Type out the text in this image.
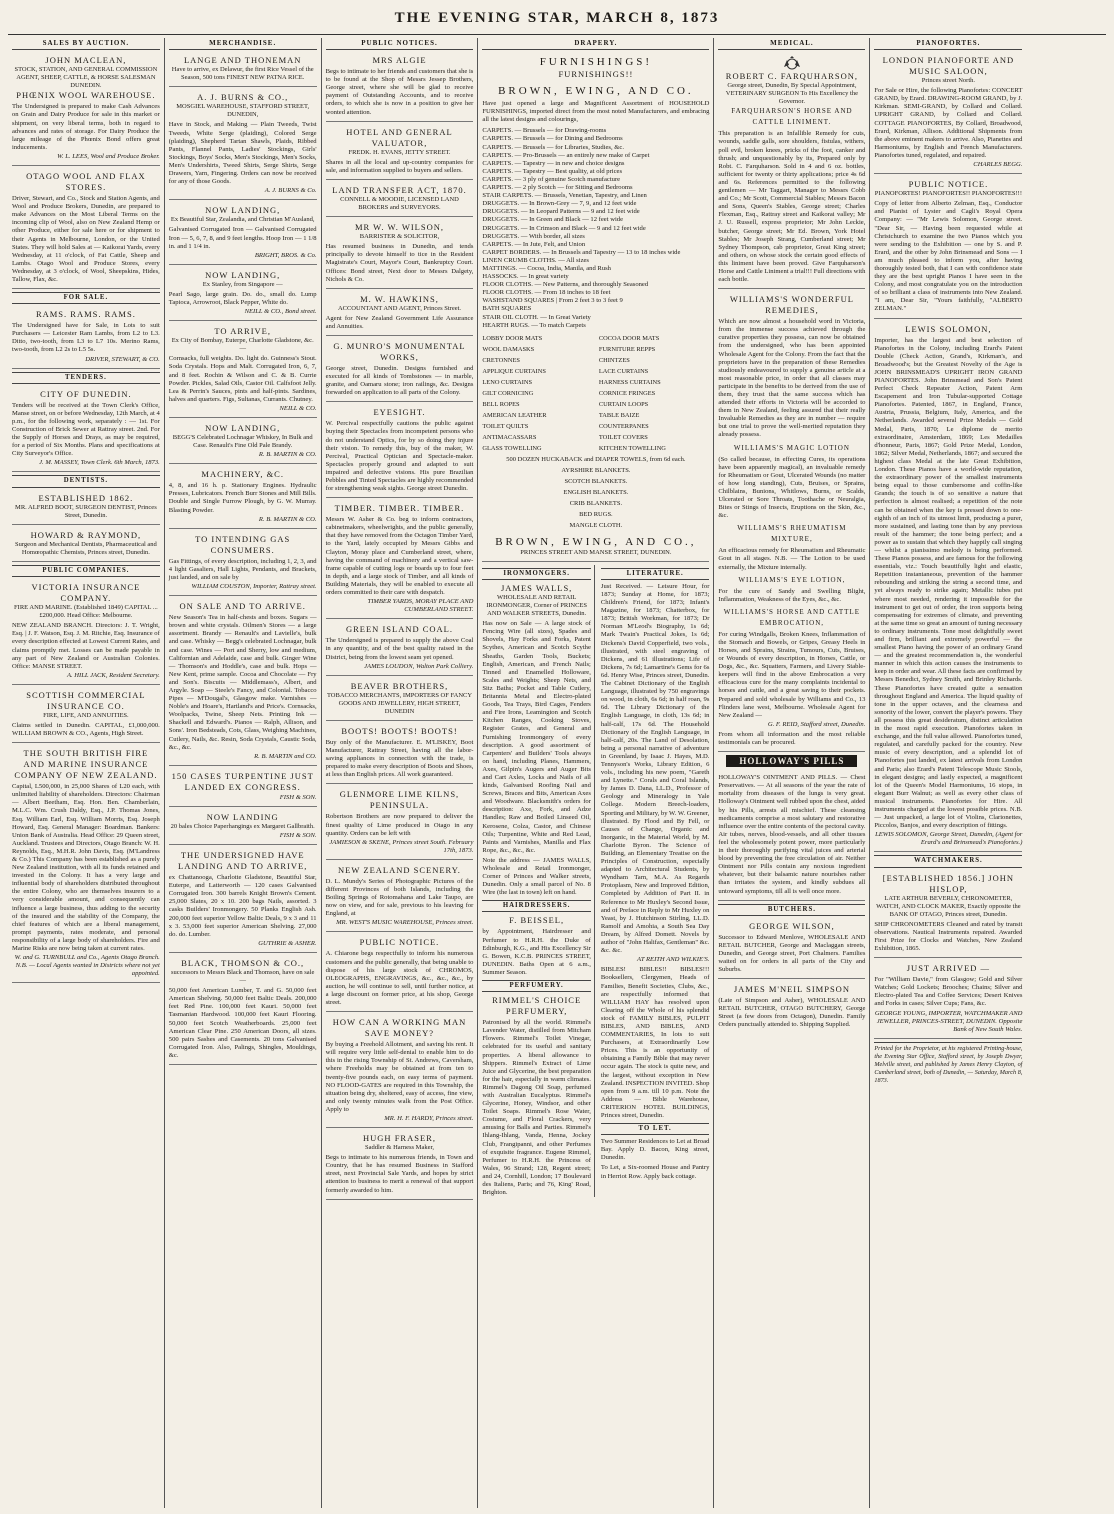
THE EVENING STAR, MARCH 8, 1873
SALES BY AUCTION.
JOHN MACLEAN,
STOCK, STATION, AND GENERAL COMMISSION AGENT, SHEEP, CATTLE, & HORSE SALESMAN
DUNEDIN.
PHŒNIX WOOL WAREHOUSE.
The Undersigned is prepared to make Cash Advances on Grain and Dairy Produce for sale in this market or shipment, on very liberal terms, both in regard to advances and rates of storage. For Dairy Produce the large mileage of the Phœnix Bond offers great inducements.
W. L. LEES, Wool and Produce Broker.
OTAGO WOOL AND FLAX STORES.
Driver, Stewart, and Co., Stock and Station Agents, and Wool and Produce Brokers, Dunedin, are prepared to make Advances on the Most Liberal Terms on the incoming clip of Wool, also on New Zealand Hemp or other Produce, either for sale here or for shipment to their Agents in Melbourne, London, or the United States. They will hold Sales at — Kaikorai Yards, every Wednesday, at 11 o'clock, of Fat Cattle, Sheep and Lambs. Otago Wool and Produce Stores, every Wednesday, at 3 o'clock, of Wool, Sheepskins, Hides, Tallow, Flax, &c.
FOR SALE.
RAMS. RAMS. RAMS.
The Undersigned have for Sale, in Lots to suit Purchasers — Leicester Ram Lambs, from L2 to L3. Ditto, two-tooth, from L3 to L7 10s. Merino Rams, two-tooth, from L2 2s to L5 5s.
DRIVER, STEWART, & CO.
TENDERS.
CITY OF DUNEDIN.
Tenders will be received at the Town Clerk's Office, Manse street, on or before Wednesday, 12th March, at 4 p.m., for the following work, separately : — 1st. For Construction of Brick Sewer at Rattray street. 2nd. For the Supply of Horses and Drays, as may be required, for a period of Six Months. Plans and specifications at City Surveyor's Office.
J. M. MASSEY, Town Clerk. 6th March, 1873.
DENTISTS.
ESTABLISHED 1862.
MR. ALFRED BOOT, SURGEON DENTIST, Princes Street, Dunedin.
HOWARD & RAYMOND,
Surgeon and Mechanical Dentists, Pharmaceutical and Homœopathic Chemists, Princes street, Dunedin.
PUBLIC COMPANIES.
VICTORIA INSURANCE COMPANY.
FIRE AND MARINE. (Established 1849) CAPITAL ... £200,000. Head Office: Melbourne.
NEW ZEALAND BRANCH. Directors: J. T. Wright, Esq. | J. F. Watson, Esq. J. M. Ritchie, Esq. Insurance of every description effected at Lowest Current Rates, and claims promptly met. Losses can be made payable in any part of New Zealand or Australian Colonies. Office: MANSE STREET.
A. HILL JACK, Resident Secretary.
SCOTTISH COMMERCIAL INSURANCE CO.
FIRE, LIFE, AND ANNUITIES.
Claims settled in Dunedin. CAPITAL, £1,000,000. WILLIAM BROWN & CO., Agents, High Street.
THE SOUTH BRITISH FIRE AND MARINE INSURANCE COMPANY OF NEW ZEALAND.
Capital, L500,000, in 25,000 Shares of L20 each, with unlimited liability of shareholders. Directors: Chairman — Albert Beetham, Esq. Hon. Ben. Chamberlain, M.L.C. Wm. Crush Daldy, Esq., J.P. Thomas Jones, Esq. William Earl, Esq. William Morris, Esq. Joseph Howard, Esq. General Manager: Boardman. Bankers: Union Bank of Australia. Head Office: 29 Queen street, Auckland. Trustees and Directors, Otago Branch: W. H. Reynolds, Esq., M.H.R. John Davis, Esq. (M'Landress & Co.) This Company has been established as a purely New Zealand institution, with all its funds retained and invested in the Colony. It has a very large and influential body of shareholders distributed throughout the entire Colony, who are themselves insurers to a very considerable amount, and consequently can influence a large business, thus adding to the security of the insured and the stability of the Company, the chief features of which are a liberal management, prompt payments, rates moderate, and personal responsibility of a large body of shareholders. Fire and Marine Risks are now being taken at current rates.
W. and G. TURNBULL and Co., Agents Otago Branch. N.B. — Local Agents wanted in Districts where not yet appointed.
MERCHANDISE.
LANGE AND THONEMAN
Have to arrive, ex Delawur, the first Rice Vessel of the Season, 500 tons FINEST NEW PATNA RICE.
A. J. BURNS & CO.,
MOSGIEL WAREHOUSE, STAFFORD STREET, DUNEDIN,
Have in Stock, and Making — Plain Tweeds, Twist Tweeds, White Serge (plaiding), Colored Serge (plaiding), Shepherd Tartan Shawls, Plaids, Ribbed Pants, Flannel Pants, Ladies' Stockings, Girls' Stockings, Boys' Socks, Men's Stockings, Men's Socks, Men's Undershirts, Tweed Shirts, Serge Shirts, Serge Drawers, Yarn, Fingering. Orders can now be received for any of those Goods.
A. J. BURNS & Co.
NOW LANDING,
Ex Beautiful Star, Zealandia, and Christian M'Ausland,
Galvanised Corrugated Iron — Galvanised Corrugated Iron — 5, 6, 7, 8, and 9 feet lengths. Hoop Iron — 1 1/8 in. and 1 1/4 in.
BRIGHT, BROS. & Co.
NOW LANDING,
Ex Stanley, from Singapore —
Pearl Sago, large grain. Do. do., small do. Lump Tapioca, Arrowroot, Black Pepper, White do.
NEILL & CO., Bond street.
TO ARRIVE,
Ex City of Bombay, Euterpe, Charlotte Gladstone, &c. —
Cornsacks, full weights. Do. light do. Guinness's Stout. Soda Crystals. Hops and Malt. Corrugated Iron, 6, 7, and 8 feet. Rochin & Wilson and C. & B. Currie Powder. Pickles, Salad Oils, Castor Oil. Calfsfoot Jelly. Lea & Perrin's Sauces, pints and half-pints. Sardines, halves and quarters. Figs, Sultanas, Currants. Chutney.
NEILL & CO.
NOW LANDING,
BEGG'S Celebrated Lochnagar Whiskey, In Bulk and Case. Renault's Fine Old Pale Brandy.
R. B. MARTIN & CO.
MACHINERY, &C.
4, 8, and 16 h. p. Stationary Engines. Hydraulic Presses, Lubricators. French Burr Stones and Mill Bills. Double and Single Furrow Plough, by G. W. Murray. Blasting Powder.
R. B. MARTIN & CO.
TO INTENDING GAS CONSUMERS.
Gas Fittings, of every description, including 1, 2, 3, and 4 light Gasaliers, Hall Lights, Pendants, and Brackets, just landed, and on sale by
WILLIAM COUSTON, Importer, Rattray street.
ON SALE AND TO ARRIVE.
New Season's Tea in half-chests and boxes. Sugars — brown and white crystals. Oilmen's Stores — a large assortment. Brandy — Renault's and Lavielle's, bulk and case. Whisky — Begg's celebrated Lochnagar, bulk and case. Wines — Port and Sherry, low and medium, Californian and Adelaide, case and bulk. Ginger Wine — Thomson's and Hoddle's, case and bulk. Hops — New Kent, prime sample. Cocoa and Chocolate — Fry and Son's. Biscuits — Middlemass's, Albert, and Argyle. Soap — Steele's Fancy, and Colonial. Tobacco Pipes — M'Dougal's, Glasgow make. Varnishes — Noble's and Hoare's, Hartland's and Price's. Cornsacks, Woolpacks, Twine, Sheep Nets. Printing Ink — Shackell and Edward's. Pianos — Ralph, Allison, and Sons'. Iron Bedsteads, Cots, Glass, Weighing Machines, Cutlery, Nails, &c. Resin, Soda Crystals, Caustic Soda, &c., &c.
R. B. MARTIN and CO.
150 CASES TURPENTINE JUST LANDED EX CONGRESS.
FISH & SON.
NOW LANDING
20 bales Choice Paperhangings ex Margaret Gallbraith.
FISH & SON.
THE UNDERSIGNED HAVE LANDING AND TO ARRIVE,
ex Chattanooga, Charlotte Gladstone, Beautiful Star, Euterpe, and Latterworth — 120 cases Galvanised Corrugated Iron. 300 barrels Knight Brown's Cement. 25,000 Slates, 20 x 10. 200 bags Nails, assorted. 3 casks Builders' Ironmongery. 50 Planks English Ash. 200,000 feet superior Yellow Baltic Deals, 9 x 3 and 11 x 3. 53,000 feet superior American Shelving. 27,000 do. do. Lumber.
GUTHRIE & ASHER.
BLACK, THOMSON & CO.,
successors to Messrs Black and Thomson, have on sale —
50,000 feet American Lumber, T. and G. 50,000 feet American Shelving. 50,000 feet Baltic Deals. 200,000 feet Red Pine. 100,000 feet Kauri. 50,000 feet Tasmanian Hardwood. 100,000 feet Kauri Flooring. 50,000 feet Scotch Weatherboards. 25,000 feet American Clear Pine. 250 American Doors, all sizes. 500 pairs Sashes and Casements. 20 tons Galvanised Corrugated Iron. Also, Palings, Shingles, Mouldings, &c.
PUBLIC NOTICES.
MRS ALGIE
Begs to intimate to her friends and customers that she is to be found at the Shop of Messrs Jessep Brothers, George street, where she will be glad to receive payment of Outstanding Accounts, and to receive orders, to which she is now in a position to give her wonted attention.
HOTEL AND GENERAL VALUATOR,
FREDK. H. EVANS, JETTY STREET.
Shares in all the local and up-country companies for sale, and information supplied to buyers and sellers.
LAND TRANSFER ACT, 1870.
CONNELL & MOODIE, LICENSED LAND BROKERS and SURVEYORS.
MR W. W. WILSON,
BARRISTER & SOLICITOR,
Has resumed business in Dunedin, and tends principally to devote himself to tice in the Resident Magistrate's Court, Mayor's Court, Bankruptcy Court. Offices: Bond street, Next door to Messrs Dalgety, Nichols & Co.
M. W. HAWKINS,
ACCOUNTANT AND AGENT, Princes Street.
Agent for New Zealand Government Life Assurance and Annuities.
G. MUNRO'S MONUMENTAL WORKS,
George street, Dunedin. Designs furnished and executed for all kinds of Tombstones — in marble, granite, and Oamaru stone; iron railings, &c. Designs forwarded on application to all parts of the Colony.
EYESIGHT.
W. Percival respectfully cautions the public against buying their Spectacles from incompetent persons who do not understand Optics, for by so doing they injure their vision. To remedy this, buy of the maker, W. Percival, Practical Optician and Spectacle-maker. Spectacles properly ground and adapted to suit impaired and defective visions. His pure Brazilian Pebbles and Tinted Spectacles are highly recommended for strengthening weak sights. George street Dunedin.
TIMBER. TIMBER. TIMBER.
Messrs W. Asher & Co. beg to inform contractors, cabinetmakers, wheelwrights, and the public generally, that they have removed from the Octagon Timber Yard, to the Yard, lately occupied by Messrs Gibbs and Clayton, Moray place and Cumberland street, where, having the command of machinery and a vertical saw-frame capable of cutting logs or boards up to four feet in depth, and a large stock of Timber, and all kinds of Building Materials, they will be enabled to execute all orders committed to their care with despatch.
TIMBER YARDS, MORAY PLACE AND CUMBERLAND STREET.
GREEN ISLAND COAL.
The Undersigned is prepared to supply the above Coal in any quantity, and of the best quality raised in the District, being from the lowest seam yet opened.
JAMES LOUDON, Walton Park Colliery.
BEAVER BROTHERS,
TOBACCO MERCHANTS, IMPORTERS OF FANCY GOODS AND JEWELLERY, HIGH STREET, DUNEDIN
BOOTS! BOOTS! BOOTS!
Buy only of the Manufacturer. E. M'LISKEY, Boot Manufacturer, Rattray Street, having all the labor-saving appliances in connection with the trade, is prepared to make every description of Boots and Shoes, at less than English prices. All work guaranteed.
GLENMORE LIME KILNS, PENINSULA.
Robertson Brothers are now prepared to deliver the finest quality of Lime produced in Otago in any quantity. Orders can be left with
JAMIESON & SKENE, Princes street South. February 17th, 1873.
NEW ZEALAND SCENERY.
D. L. Mundy's Series of Photographic Pictures of the different Provinces of both Islands, including the Boiling Springs of Rotomahana and Lake Taupo, are now on view, and for sale, previous to his leaving for England, at
MR. WEST'S MUSIC WAREHOUSE, Princes street.
PUBLIC NOTICE.
A. Chiarone begs respectfully to inform his numerous customers and the public generally, that being unable to dispose of his large stock of CHROMOS, OLEOGRAPHS, ENGRAVINGS, &c., &c., &c., by auction, he will continue to sell, until further notice, at a large discount on former price, at his shop, George street.
HOW CAN A WORKING MAN SAVE MONEY?
By buying a Freehold Allotment, and saving his rent. It will require very little self-denial to enable him to do this in the rising Township of St. Andrews, Caversham, where Freeholds may be obtained at from ten to twenty-five pounds each, on easy terms of payment. NO FLOOD-GATES are required in this Township, the situation being dry, sheltered, easy of access, fine view, and only twenty minutes walk from the Post Office. Apply to
MR. H. F. HARDY, Princes street.
HUGH FRASER,
Saddler & Harness Maker,
Begs to intimate to his numerous friends, in Town and Country, that he has resumed Business in Stafford street, next Provincial Sale Yards, and hopes by strict attention to business to merit a renewal of that support formerly awarded to him.
DRAPERY.
FURNISHINGS!
FURNISHINGS!!
BROWN, EWING, AND CO.
Have just opened a large and Magnificent Assortment of HOUSEHOLD FURNISHINGS, imported direct from the most noted Manufacturers, and embracing all the latest designs and colourings,
CARPETS. — Brussels — for Drawing-rooms
CARPETS. — Brussels — for Dining and Bedrooms
CARPETS. — Brussels — for Libraries, Studies, &c.
CARPETS. — Pro-Brussels — an entirely new make of Carpet
CARPETS. — Tapestry — in new and choice designs
CARPETS. — Tapestry — Best quality, at old prices
CARPETS. — 3 ply of genuine Scotch manufacture
CARPETS. — 2 ply Scotch — for Sitting and Bedrooms
STAIR CARPETS. — Brussels, Venetian, Tapestry, and Linen
DRUGGETS. — In Brown-Grey — 7, 9, and 12 feet wide
DRUGGETS. — In Leopard Patterns — 9 and 12 feet wide
DRUGGETS. — In Green and Black — 12 feet wide
DRUGGETS. — In Crimson and Black — 9 and 12 feet wide
DRUGGETS. — With border, all sizes
CARPETS. — In Jute, Felt, and Union
CARPET BORDERS. — In Brussels and Tapestry — 13 to 18 inches wide
LINEN CRUMB CLOTHS. — All sizes
MATTINGS. — Cocoa, India, Manila, and Rush
HASSOCKS. — In great variety
FLOOR CLOTHS. — New Patterns, and thoroughly Seasoned
FLOOR CLOTHS. — From 18 inches to 18 feet
WASHSTAND SQUARES | From 2 feet 3 to 3 feet 9
BATH SQUARES
STAIR OIL CLOTH. — In Great Variety
HEARTH RUGS. — To match Carpets
LOBBY DOOR MATS
WOOL DAMASKS
CRETONNES
APPLIQUE CURTAINS
LENO CURTAINS
GILT CORNICING
BELL ROPES
AMERICAN LEATHER
TOILET QUILTS
ANTIMACASSARS
GLASS TOWELLING
COCOA DOOR MATS
FURNITURE REPPS
CHINTZES
LACE CURTAINS
HARNESS CURTAINS
CORNICE FRINGES
CURTAIN LOOPS
TABLE BAIZE
COUNTERPANES
TOILET COVERS
KITCHEN TOWELLING
500 DOZEN HUCKABACK and DIAPER TOWELS, from 6d each.
AYRSHIRE BLANKETS.
SCOTCH BLANKETS.
ENGLISH BLANKETS.
CRIB BLANKETS.
BED RUGS.
MANGLE CLOTH.
BROWN, EWING, AND CO.,
PRINCES STREET AND MANSE STREET, DUNEDIN.
IRONMONGERS.
JAMES WALLS,
WHOLESALE AND RETAIL IRONMONGER, Corner of PRINCES AND WALKER STREETS, Dunedin.
Has now on Sale — A large stock of Fencing Wire (all sizes), Spades and Shovels, Hay Forks and Forks, Patent Scythes, American and Scotch Scythe Sheaths, Garden Tools, Buckets; English, American, and French Nails; Tinned and Enamelled Holloware, Scales and Weights; Sheep Nets, and Sitz Baths; Pocket and Table Cutlery, Britannia Metal and Electro-plated Goods, Tea Trays, Bird Cages, Fenders and Fire Irons, Leamington and Scotch Kitchen Ranges, Cooking Stoves, Register Grates, and General and Furnishing Ironmongery of every description. A good assortment of Carpenters' and Builders' Tools always on hand, including Planes, Hammers, Axes, Gilpin's Augers and Auger Bits and Cart Axles, Locks and Nails of all kinds, Galvanised Roofing Nail and Screws, Braces and Bits, American Axes and Woodware. Blacksmith's orders for description: Axe, Fork, and Adze Handles; Raw and Boiled Linseed Oil, Kerosene, Colza, Castor, and Chinese Oils; Turpentine, White and Red Lead, Paints and Varnishes, Manilla and Flax Rope, &c., &c., &c.
Note the address — JAMES WALLS, Wholesale and Retail Ironmonger, Corner of Princes and Walker streets, Dunedin. Only a small parcel of No. 8 Wire (the last in town) left on hand.
HAIRDRESSERS.
F. BEISSEL,
by Appointment, Hairdresser and Perfumer to H.R.H. the Duke of Edinburgh, K.G., and His Excellency Sir G. Bowen, K.C.B. PRINCES STREET, DUNEDIN. Baths Open at 6 a.m., Summer Season.
PERFUMERY.
RIMMEL'S CHOICE PERFUMERY,
Patronised by all the world. Rimmel's Lavender Water, distilled from Mitcham Flowers. Rimmel's Toilet Vinegar, celebrated for its useful and sanitary properties. A liberal allowance to Shippers. Rimmel's Extract of Lime Juice and Glycerine, the best preparation for the hair, especially in warm climates. Rimmel's Dagong Oil Soap, perfumed with Australian Eucalyptus. Rimmel's Glycerine, Honey, Windsor, and other Toilet Soaps. Rimmel's Rose Water, Costume, and Floral Crackers, very amusing for Balls and Parties. Rimmel's Ihlang-Ihlang, Vanda, Henna, Jockey Club, Frangipanni, and other Perfumes of exquisite fragrance. Eugene Rimmel, Perfumer to H.R.H. the Princess of Wales, 96 Strand; 128, Regent street; and 24, Cornhill, London; 17 Boulevard des Italiens, Paris; and 76, King' Road, Brighton.
LITERATURE.
Just Received. — Leisure Hour, for 1873; Sunday at Home, for 1873; Children's Friend, for 1873; Infant's Magazine, for 1873; Chatterbox, for 1873; British Workman, for 1873; Dr Norman M'Leod's Biography, 1s 6d; Mark Twain's Practical Jokes, 1s 6d; Dickens's David Copperfield, two vols., illustrated, with steel engraving of Dickens, and 61 illustrations; Life of Dickens, 7s 6d; Lamartine's Gems for 6s 6d. Henry Wise, Princes street, Dunedin. The Cabinet Dictionary of the English Language, illustrated by 750 engravings on wood, in cloth, 6s 6d; in half roan, 9s 6d. The Library Dictionary of the English Language, in cloth, 13s 6d; in half-calf, 17s 6d. The Household Dictionary of the English Language, in half-calf, 20s. The Land of Desolation, being a personal narrative of adventure in Greenland, by Isaac J. Hayes, M.D. Tennyson's Works, Library Edition, 6 vols., including his new poem, "Gareth and Lynette." Corals and Coral Islands, by James D. Dana, LL.D., Professor of Geology and Mineralogy in Yale College. Modern Breech-loaders, Sporting and Military, by W. W. Greener, illustrated. By Flood and By Fell, or Causes of Change, Organic and Inorganic, in the Material World, by M. Charlotte Byron. The Science of Building, an Elementary Treatise on the Principles of Construction, especially adapted to Architectural Students, by Wyndham Tarn, M.A. As Regards Protoplasm, New and Improved Edition, Completed by Addition of Part II. in Reference to Mr Huxley's Second Issue, and of Preface in Reply to Mr Huxley on Yeast, by J. Hutchinson Stirling, LL.D. Ramolf and Amohia, a South Sea Day Dream, by Alfred Domett. Novels by author of "John Halifax, Gentleman" &c. &c. &c.
AT REITH AND WILKIE'S.
BIBLES! BIBLES!! BIBLES!!! Booksellers, Clergymen, Heads of Families, Benefit Societies, Clubs, &c., are respectfully informed that WILLIAM HAY has resolved upon Clearing off the Whole of his splendid stock of FAMILY BIBLES, PULPIT BIBLES, AND BIBLES, AND COMMENTARIES, In lots to suit Purchasers, at Extraordinarily Low Prices. This is an opportunity of obtaining a Family Bible that may never occur again. The stock is quite new, and the largest, without exception in New Zealand. INSPECTION INVITED. Shop open from 9 a.m. till 10 p.m. Note the Address — Bible Warehouse, CRITERION HOTEL BUILDINGS, Princes street, Dunedin.
TO LET.
Two Summer Residences to Let at Broad Bay. Apply D. Bacon, King street, Dunedin.
To Let, a Six-roomed House and Pantry in Herriot Row. Apply back cottage.
MEDICAL.
ROBERT C. FARQUHARSON,
George street, Dunedin, By Special Appointment, VETERINARY SURGEON To His Excellency the Governor.
FARQUHARSON'S HORSE AND CATTLE LINIMENT.
This preparation is an Infallible Remedy for cuts, wounds, saddle galls, sore shoulders, fistulas, withers, poll evil, broken knees, pricks of the foot, canker and thrush; and unquestionably by its, Prepared only by Robt. C. Farquharson. Sold in 4 and 6 oz. bottles, sufficient for twenty or thirty applications; price 4s 6d and 6s. References permitted to the following gentlemen — Mr Taggart, Manager to Messrs Cobb and Co.; Mr Scott, Commercial Stables; Messrs Bacon and Sons, Queen's Stables, George street; Charles Flexman, Esq., Rattray street and Kaikorai valley; Mr J. U. Russell, express proprietor; Mr John Leckie, butcher, George street; Mr Ed. Brown, York Hotel Stables; Mr Joseph Strang, Cumberland street; Mr Sydney Thompson, cab proprietor, Great King street; and others, on whose stock the certain good effects of this liniment have been proved. Give Farquharson's Horse and Cattle Liniment a trial!!! Full directions with each bottle.
WILLIAMS'S WONDERFUL REMEDIES,
Which are now almost a household word in Victoria, from the immense success achieved through the curative properties they possess, can now be obtained from the undersigned, who has been appointed Wholesale Agent for the Colony. From the fact that the proprietors have in the preparation of these Remedies studiously endeavoured to supply a genuine article at a most reasonable price, in order that all classes may participate in the benefits to be derived from the use of them, they trust that the same success which has attended their efforts in Victoria will be accorded to them in New Zealand, feeling assured that their really Invaluable Remedies as they are in number — require but one trial to prove the well-merited reputation they already possess.
WILLIAMS'S MAGIC LOTION
(So called because, in effecting Cures, its operations have been apparently magical), an invaluable remedy for Rheumatism or Gout, Ulcerated Wounds (no matter of how long standing), Cuts, Bruises, or Sprains, Chilblains, Bunions, Whitlows, Burns, or Scalds, Ulcerated or Sore Throats, Toothache or Neuralgia, Bites or Stings of Insects, Eruptions on the Skin, &c., &c.
WILLIAMS'S RHEUMATISM MIXTURE,
An efficacious remedy for Rheumatism and Rheumatic Gout in all stages. N.B. — The Lotion to be used externally, the Mixture internally.
WILLIAMS'S EYE LOTION,
For the cure of Sandy and Swelling Blight, Inflammation, Weakness of the Eyes, &c., &c.
WILLIAMS'S HORSE AND CATTLE EMBROCATION,
For curing Windgalls, Broken Knees, Inflammation of the Stomach and Bowels, or Gripes, Greasy Heels in Horses, and Sprains, Strains, Tumours, Cuts, Bruises, or Wounds of every description, in Horses, Cattle, or Dogs, &c., &c. Squatters, Farmers, and Livery Stable-keepers will find in the above Embrocation a very efficacious cure for the many complaints incidental to horses and cattle, and a great saving to their pockets. Prepared and sold wholesale by Williams and Co., 13 Flinders lane west, Melbourne. Wholesale Agent for New Zealand —
G. F. REID, Stafford street, Dunedin.
From whom all information and the most reliable testimonials can be procured.
HOLLOWAY'S PILLS
HOLLOWAY'S OINTMENT AND PILLS. — Chest Preservatives. — At all seasons of the year the rate of mortality from diseases of the lungs is very great. Holloway's Ointment well rubbed upon the chest, aided by his Pills, arrests all mischief. These cleansing medicaments comprise a most salutary and restorative influence over the entire contents of the pectoral cavity. Air tubes, nerves, blood-vessels, and all other tissues feel the wholesomely potent power, more particularly in their thoroughly purifying vital juices and arterial blood by preventing the free circulation of air. Neither Ointment nor Pills contain any noxious ingredient whatever, but their balsamic nature nourishes rather than irritates the system, and kindly subdues all untoward symptoms, till all is well once more.
BUTCHERS.
GEORGE WILSON,
Successor to Edward Menlove, WHOLESALE AND RETAIL BUTCHER, George and Maclaggan streets, Dunedin, and George street, Port Chalmers. Families waited on for orders in all parts of the City and Suburbs.
JAMES M'NEIL SIMPSON
(Late of Simpson and Asher), WHOLESALE AND RETAIL BUTCHER, OTAGO BUTCHERY, George Street (a few doors from Octagon), Dunedin. Family Orders punctually attended to. Shipping Supplied.
PIANOFORTES.
LONDON PIANOFORTE AND MUSIC SALOON,
Princes street North.
For Sale or Hire, the following Pianofortes: CONCERT GRAND, by Erard. DRAWING-ROOM GRAND, by J. Kirkman. SEMI-GRAND, by Collard and Collard. UPRIGHT GRAND, by Collard and Collard. COTTAGE PIANOFORTES, By Collard, Broadwood, Erard, Kirkman, Allison. Additional Shipments from the above eminent makers to arrive. Also, Pianettes and Harmoniums, by English and French Manufacturers. Pianofortes tuned, regulated, and repaired.
CHARLES BEGG.
PUBLIC NOTICE.
PIANOFORTES! PIANOFORTES!! PIANOFORTES!!!
Copy of letter from Alberto Zelman, Esq., Conductor and Pianist of Lyster and Cagli's Royal Opera Company: — "Mr Lewis Solomon, George street. "Dear Sir, — Having been requested while at Christchurch to examine the two Pianos which you were sending to the Exhibition — one by S. and P. Erard, and the other by John Brinsmead and Sons — I am much pleased to inform you, after having thoroughly tested both, that I can with confidence state they are the best upright Pianos I have seen in the Colony, and most congratulate you on the introduction of so brilliant a class of instruments into New Zealand. "I am, Dear Sir, "Yours faithfully, "ALBERTO ZELMAN."
LEWIS SOLOMON,
Importer, has the largest and best selection of Pianofortes in the Colony, including Erard's Patent Double (Check Action, Grand's, Kirkman's, and Broadwood's; but the Greatest Novelty of the Age is JOHN BRINSMEAD'S UPRIGHT IRON GRAND PIANOFORTES. John Brinsmead and Son's Patent Perfect Check Repeater Action, Patent Arm Escapement and Iron Tubular-supported Cottage Pianofortes. Patented, 1867, in England, France, Austria, Prussia, Belgium, Italy, America, and the Netherlands. Awarded several Prize Medals — Gold Medal, Paris, 1870; Le diplome de merito extraordinaire, Amsterdam, 1869; Les Medailles d'honneur, Paris, 1867; Gold Prize Medal, London, 1862; Silver Medal, Netherlands, 1867; and secured the highest class Medal at the late Great Exhibition, London. These Pianos have a world-wide reputation, the extraordinary power of the smallest instruments being equal to those cumbersome and coffin-like Grands; the touch is of so sensitive a nature that perfection is almost realised; a repetition of the note can be obtained when the key is pressed down to one-eighth of an inch of its utmost limit, producing a purer, more sustained, and lasting tone than by any previous result of the hammer; the tone being perfect; and a power as to sustain that which they happily call singing — whilst a pianissimo melody is being performed. These Pianos possess, and are famous for the following essentials, viz.: Touch beautifully light and elastic, Repetition instantaneous, prevention of the hammer rebounding and striking the string a second time, and yet always ready to strike again; Metallic tubes put where most needed, rendering it impossible for the instrument to get out of order, the iron supports being compensating for extremes of climate, and preventing at the same time so great an amount of tuning necessary to ordinary instruments. Tone most delightfully sweet and firm, brilliant and extremely powerful — the smallest Piano having the power of an ordinary Grand — and the greatest recommendation is, the wonderful manner in which this action causes the instruments to keep in order and wear. All these facts are confirmed by Messrs Benedict, Sydney Smith, and Brinley Richards. These Pianofortes have created quite a sensation throughout England and America. The liquid quality of tone in the upper octaves, and the clearness and sonority of the lower, convert the player's powers. They all possess this great desideratum, distinct articulation in the most rapid execution. Pianofortes taken in exchange, and the full value allowed. Pianofortes tuned, regulated, and carefully packed for the country. New music of every description, and a splendid lot of Pianofortes just landed, ex latest arrivals from London and Paris; also Erard's Patent Telescope Music Stools, in elegant designs; and lastly expected, a magnificent lot of the Queen's Model Harmoniums, 16 stops, in elegant Burr Walnut; as well as every other class of musical instruments. Pianofortes for Hire. All instruments charged at the lowest possible prices. N.B. — Just unpacked, a large lot of Violins, Clarionettes, Piccolos, Banjos, and every description of fittings.
LEWIS SOLOMON, George Street, Dunedin, (Agent for Erard's and Brinsmead's Pianofortes.)
WATCHMAKERS.
[ESTABLISHED 1856.] JOHN HISLOP,
LATE ARTHUR BEVERLY, CHRONOMETER, WATCH, AND CLOCK MAKER, Exactly opposite the BANK OF OTAGO, Princes street, Dunedin.
SHIP CHRONOMETERS Cleaned and rated by transit observations. Nautical Instruments repaired. Awarded First Prize for Clocks and Watches, New Zealand Exhibition, 1865.
JUST ARRIVED —
For "William Davie," from Glasgow; Gold and Silver Watches; Gold Lockets; Brooches; Chains; Silver and Electro-plated Tea and Coffee Services; Desert Knives and Forks in cases; Silver Cups; Fans, &c.
GEORGE YOUNG, IMPORTER, WATCHMAKER AND JEWELLER, PRINCES-STREET, DUNEDIN. Opposite Bank of New South Wales.
Printed for the Proprietor, at his registered Printing-house, the Evening Star Office, Stafford street, by Joseph Dwyer, Melville street, and published by James Henry Clayton, of Cumberland street, both of Dunedin, — Saturday, March 8, 1873.
